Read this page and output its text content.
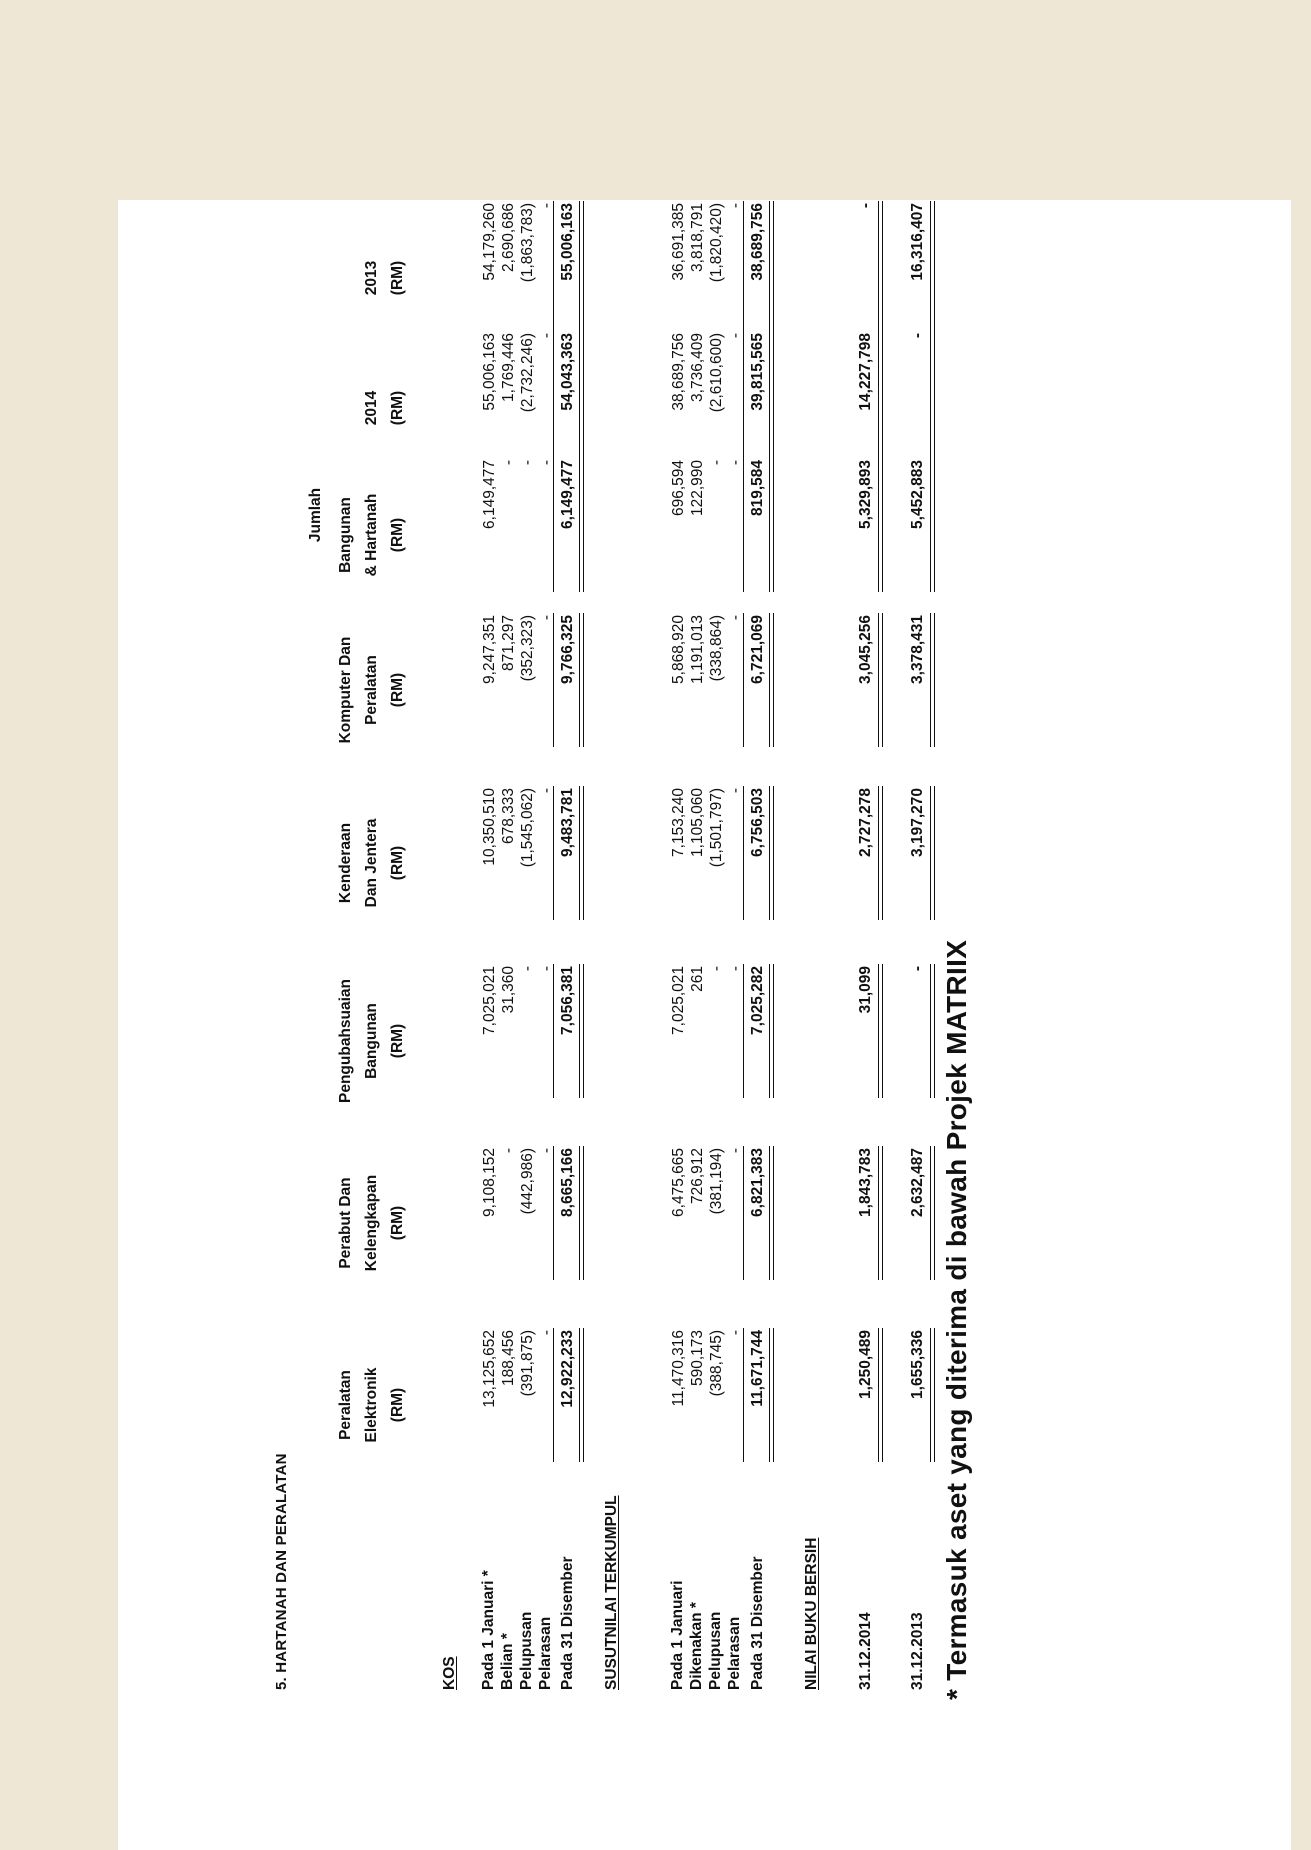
5. HARTANAH DAN PERALATAN
Jumlah
Peralatan Elektronik (RM)
Perabut Dan Kelengkapan (RM)
Pengubahsuaian Bangunan (RM)
Kenderaan Dan Jentera (RM)
Komputer Dan Peralatan (RM)
Bangunan & Hartanah (RM)
2014 (RM)
2013 (RM)
KOS Pada 1 Januari *
13,125,652
9,108,152
7,025,021
10,350,510
9,247,351
6,149,477
55,006,163
54,179,260
Belian *
188,456
-
31,360
678,333
871,297
-
1,769,446
2,690,686
Pelupusan
(391,875)
(442,986)
-
(1,545,062)
(352,323)
-
(2,732,246)
(1,863,783)
Pelarasan
-
-
-
-
-
-
-
-
Pada 31 Disember
12,922,233
8,665,166
7,056,381
9,483,781
9,766,325
6,149,477
54,043,363
55,006,163
SUSUTNILAI TERKUMPUL	Pada 1 Januari
11,470,316
6,475,665
7,025,021
7,153,240
5,868,920
696,594
38,689,756
36,691,385
Dikenakan *
590,173
726,912
261
1,105,060
1,191,013
122,990
3,736,409
3,818,791
Pelupusan
(388,745)
(381,194)
-
(1,501,797)
(338,864)
-
(2,610,600)
(1,820,420)
Pelarasan
-
-
-
-
-
-
-
-
Pada 31 Disember
11,671,744
6,821,383
7,025,282
6,756,503
6,721,069
819,584
39,815,565
38,689,756
NILAI BUKU BERSIH 31.12.2014
1,250,489
1,843,783
31,099
2,727,278
3,045,256
5,329,893
14,227,798
-
31.12.2013
1,655,336
2,632,487
-
3,197,270
3,378,431
5,452,883
-
16,316,407
* Termasuk aset yang diterima di bawah Projek MATRIIX
